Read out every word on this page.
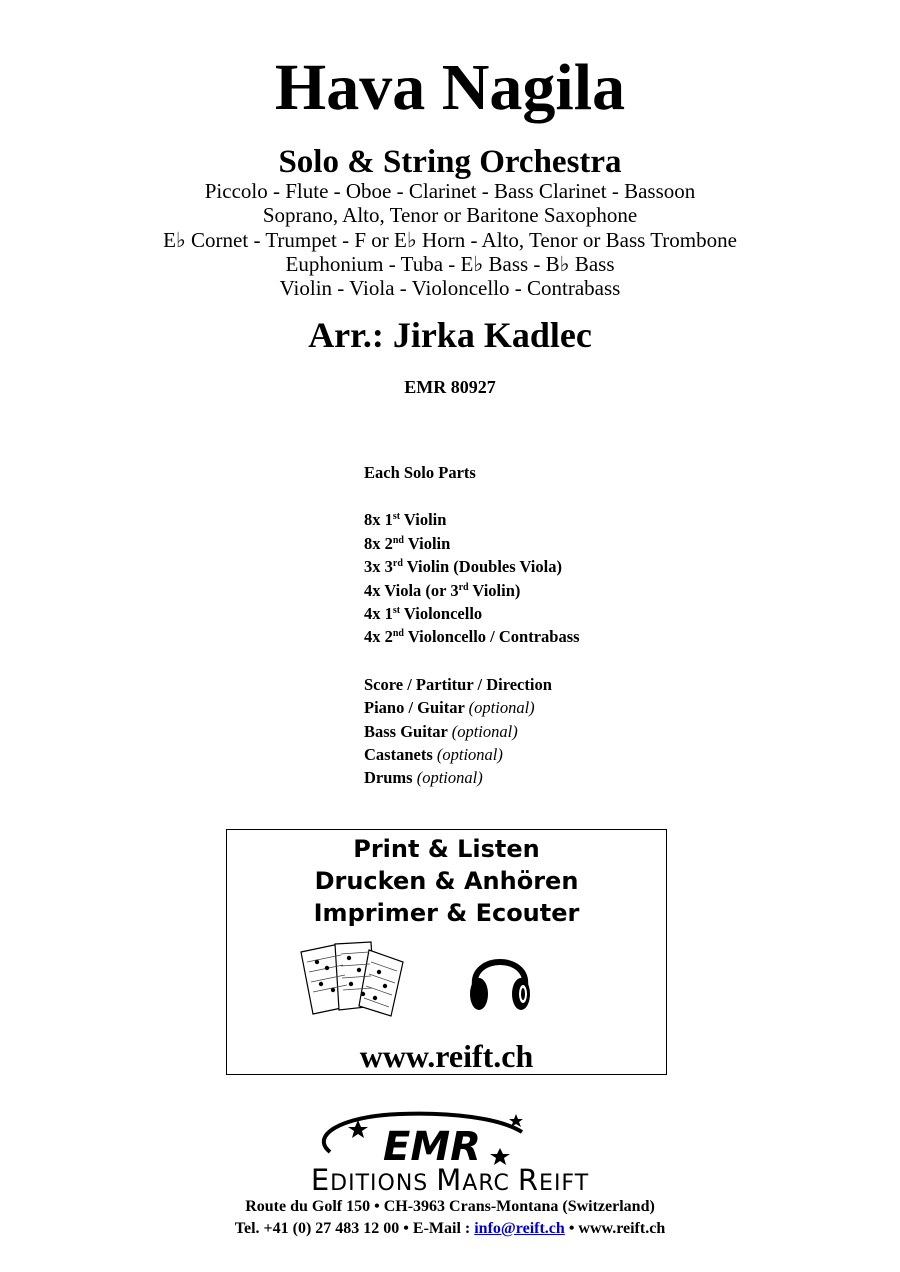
Hava Nagila
Solo & String Orchestra
Piccolo - Flute - Oboe - Clarinet - Bass Clarinet - Bassoon
Soprano, Alto, Tenor or Baritone Saxophone
E♭ Cornet - Trumpet - F or E♭ Horn - Alto, Tenor or Bass Trombone
Euphonium - Tuba - E♭ Bass - B♭ Bass
Violin - Viola - Violoncello - Contrabass
Arr.: Jirka Kadlec
EMR 80927
Each Solo Parts
8x 1st Violin
8x 2nd Violin
3x 3rd Violin (Doubles Viola)
4x Viola (or 3rd Violin)
4x 1st Violoncello
4x 2nd Violoncello / Contrabass
Score / Partitur / Direction
Piano / Guitar (optional)
Bass Guitar (optional)
Castanets (optional)
Drums (optional)
Print & Listen
Drucken & Anhören
Imprimer & Ecouter
www.reift.ch
EMR
EDITIONS MARC REIFT
Route du Golf 150 • CH-3963 Crans-Montana (Switzerland)
Tel. +41 (0) 27 483 12 00 • E-Mail : info@reift.ch • www.reift.ch
